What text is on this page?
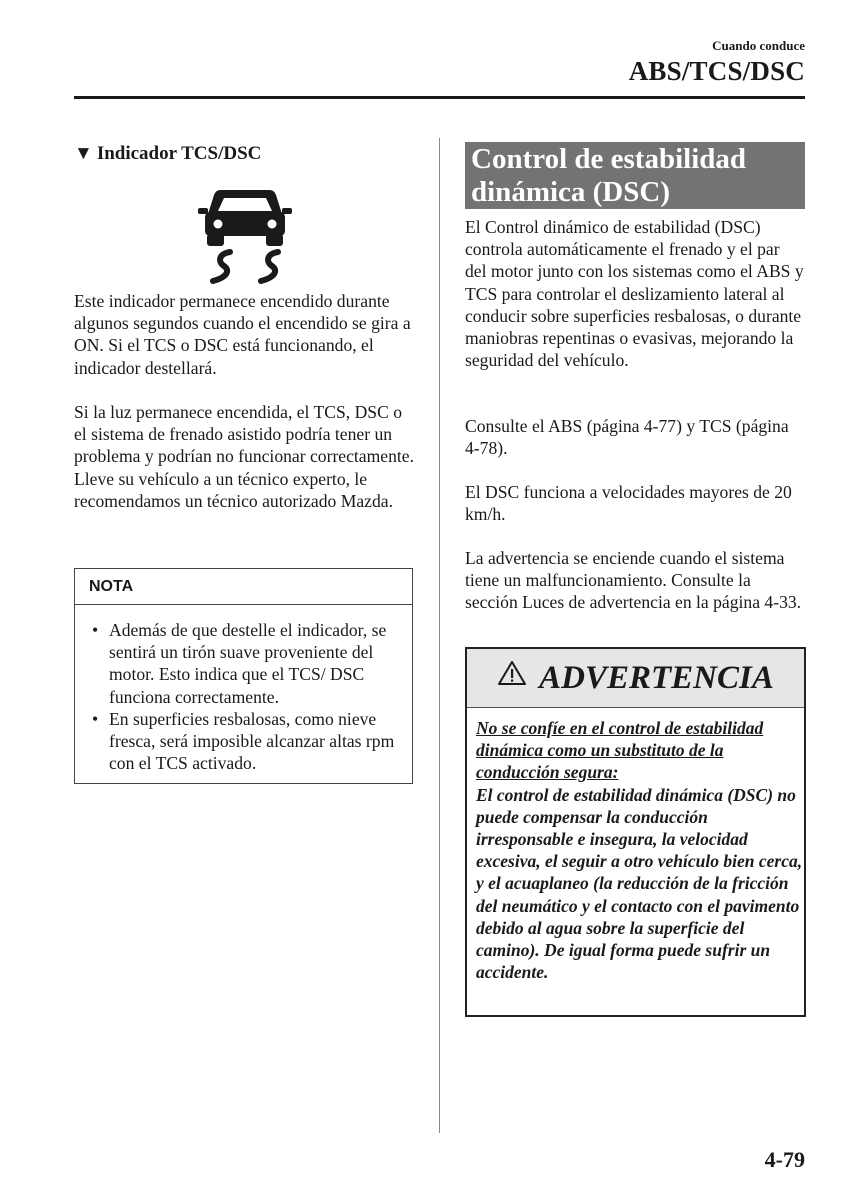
Cuando conduce
ABS/TCS/DSC
▼ Indicador TCS/DSC

Este indicador permanece encendido durante algunos segundos cuando el encendido se gira a ON. Si el TCS o DSC está funcionando, el indicador destellará.

Si la luz permanece encendida, el TCS, DSC o el sistema de frenado asistido podría tener un problema y podrían no funcionar correctamente. Lleve su vehículo a un técnico experto, le recomendamos un técnico autorizado Mazda.

NOTA
• Además de que destelle el indicador, se sentirá un tirón suave proveniente del motor. Esto indica que el TCS/ DSC funciona correctamente.
• En superficies resbalosas, como nieve fresca, será imposible alcanzar altas rpm con el TCS activado.
Control de estabilidad dinámica (DSC)

El Control dinámico de estabilidad (DSC) controla automáticamente el frenado y el par del motor junto con los sistemas como el ABS y TCS para controlar el deslizamiento lateral al conducir sobre superficies resbalosas, o durante maniobras repentinas o evasivas, mejorando la seguridad del vehículo.

Consulte el ABS (página 4-77) y TCS (página 4-78).

El DSC funciona a velocidades mayores de 20 km/h.

La advertencia se enciende cuando el sistema tiene un malfuncionamiento. Consulte la sección Luces de advertencia en la página 4-33.

ADVERTENCIA
No se confíe en el control de estabilidad dinámica como un substituto de la conducción segura:
El control de estabilidad dinámica (DSC) no puede compensar la conducción irresponsable e insegura, la velocidad excesiva, el seguir a otro vehículo bien cerca, y el acuaplaneo (la reducción de la fricción del neumático y el contacto con el pavimento debido al agua sobre la superficie del camino). De igual forma puede sufrir un accidente.
4-79
